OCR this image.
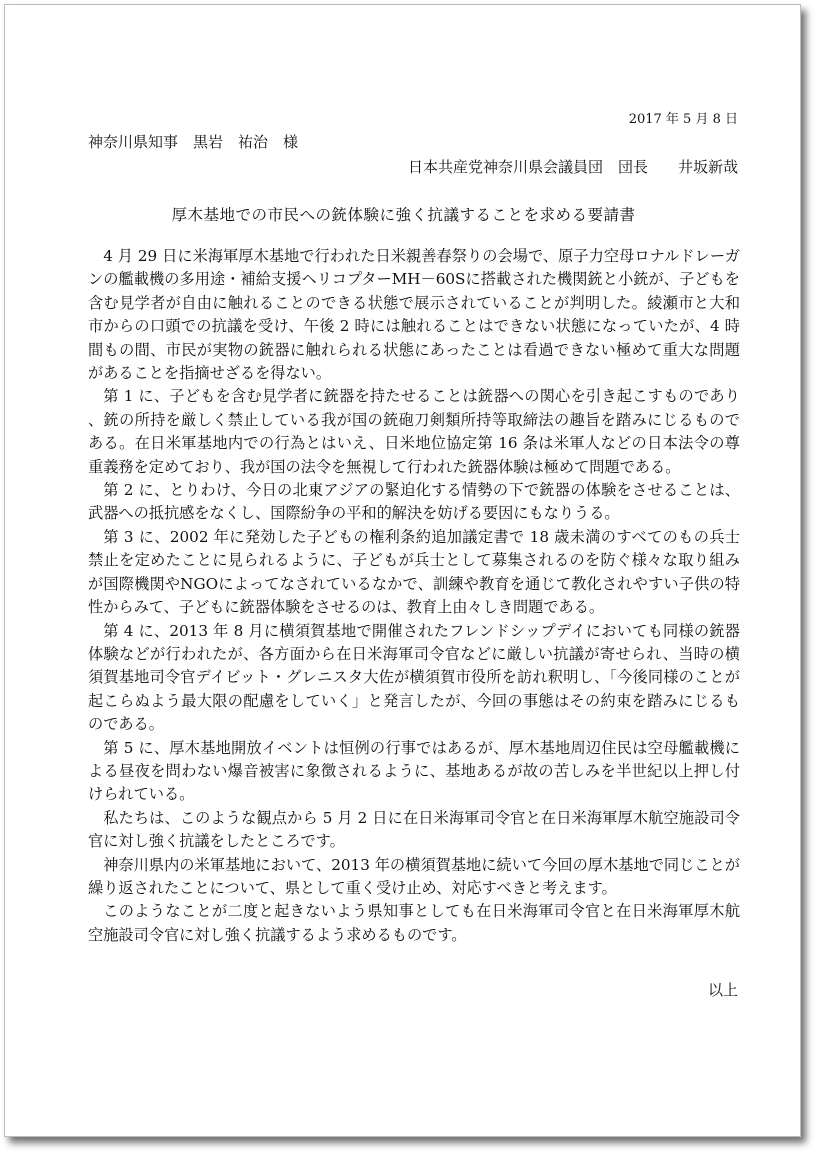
2017 年 5 月 8 日
神奈川県知事　黒岩　祐治　様
日本共産党神奈川県会議員団　団長　　井坂新哉
厚木基地での市民への銃体験に強く抗議することを求める要請書

4 月 29 日に米海軍厚木基地で行われた日米親善春祭りの会場で、原子力空母ロナルドレーガンの艦載機の多用途・補給支援ヘリコプターMH－60Sに搭載された機関銃と小銃が、子どもを含む見学者が自由に触れることのできる状態で展示されていることが判明した。綾瀬市と大和市からの口頭での抗議を受け、午後 2 時には触れることはできない状態になっていたが、4 時間もの間、市民が実物の銃器に触れられる状態にあったことは看過できない極めて重大な問題があることを指摘せざるを得ない。

第 1 に、子どもを含む見学者に銃器を持たせることは銃器への関心を引き起こすものであり、銃の所持を厳しく禁止している我が国の銃砲刀剣類所持等取締法の趣旨を踏みにじるものである。在日米軍基地内での行為とはいえ、日米地位協定第 16 条は米軍人などの日本法令の尊重義務を定めており、我が国の法令を無視して行われた銃器体験は極めて問題である。

第 2 に、とりわけ、今日の北東アジアの緊迫化する情勢の下で銃器の体験をさせることは、武器への抵抗感をなくし、国際紛争の平和的解決を妨げる要因にもなりうる。

第 3 に、2002 年に発効した子どもの権利条約追加議定書で 18 歳未満のすべてのもの兵士禁止を定めたことに見られるように、子どもが兵士として募集されるのを防ぐ様々な取り組みが国際機関やNGOによってなされているなかで、訓練や教育を通じて教化されやすい子供の特性からみて、子どもに銃器体験をさせるのは、教育上由々しき問題である。

第 4 に、2013 年 8 月に横須賀基地で開催されたフレンドシップデイにおいても同様の銃器体験などが行われたが、各方面から在日米海軍司令官などに厳しい抗議が寄せられ、当時の横須賀基地司令官デイビット・グレニスタ大佐が横須賀市役所を訪れ釈明し、「今後同様のことが起こらぬよう最大限の配慮をしていく」と発言したが、今回の事態はその約束を踏みにじるものである。

第 5 に、厚木基地開放イベントは恒例の行事ではあるが、厚木基地周辺住民は空母艦載機による昼夜を問わない爆音被害に象徴されるように、基地あるが故の苦しみを半世紀以上押し付けられている。

私たちは、このような観点から 5 月 2 日に在日米海軍司令官と在日米海軍厚木航空施設司令官に対し強く抗議をしたところです。

神奈川県内の米軍基地において、2013 年の横須賀基地に続いて今回の厚木基地で同じことが繰り返されたことについて、県として重く受け止め、対応すべきと考えます。

このようなことが二度と起きないよう県知事としても在日米海軍司令官と在日米海軍厚木航空施設司令官に対し強く抗議するよう求めるものです。

以上
